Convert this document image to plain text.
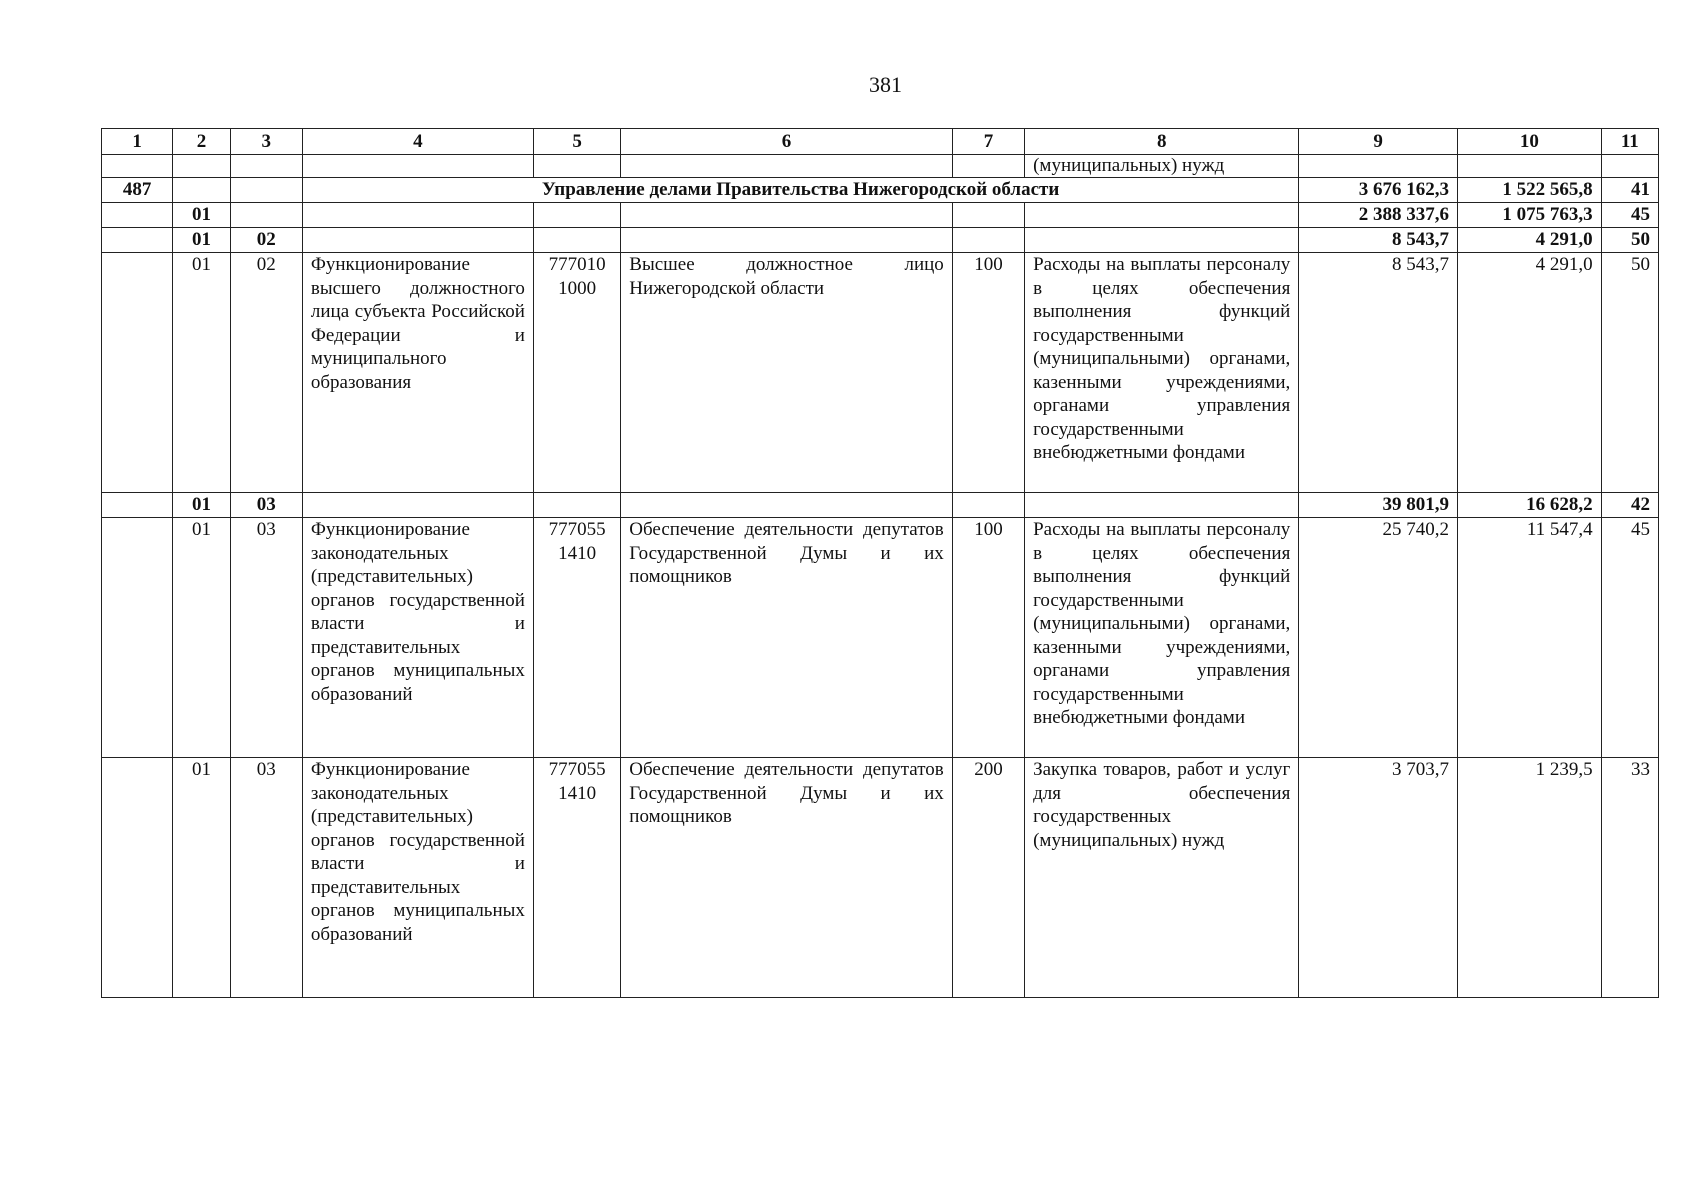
381
1	2	3	4	5	6	7	8	9	10	11
							(муниципальных) нужд			
487			Управление делами Правительства Нижегородской области					3 676 162,3	1 522 565,8	41
	01							2 388 337,6	1 075 763,3	45
	01	02						8 543,7	4 291,0	50
	01	02	Функционирование высшего должностного лица субъекта Российской Федерации и муниципального образования	777010 1000	Высшее должностное лицо Нижегородской области	100	Расходы на выплаты персоналу в целях обеспечения выполнения функций государственными (муниципальными) органами, казенными учреждениями, органами управления государственными внебюджетными фондами	8 543,7	4 291,0	50
	01	03						39 801,9	16 628,2	42
	01	03	Функционирование законодательных (представительных) органов государственной власти и представительных органов муниципальных образований	777055 1410	Обеспечение деятельности депутатов Государственной Думы и их помощников	100	Расходы на выплаты персоналу в целях обеспечения выполнения функций государственными (муниципальными) органами, казенными учреждениями, органами управления государственными внебюджетными фондами	25 740,2	11 547,4	45
	01	03	Функционирование законодательных (представительных) органов государственной власти и представительных органов муниципальных образований	777055 1410	Обеспечение деятельности депутатов Государственной Думы и их помощников	200	Закупка товаров, работ и услуг для обеспечения государственных (муниципальных) нужд	3 703,7	1 239,5	33
